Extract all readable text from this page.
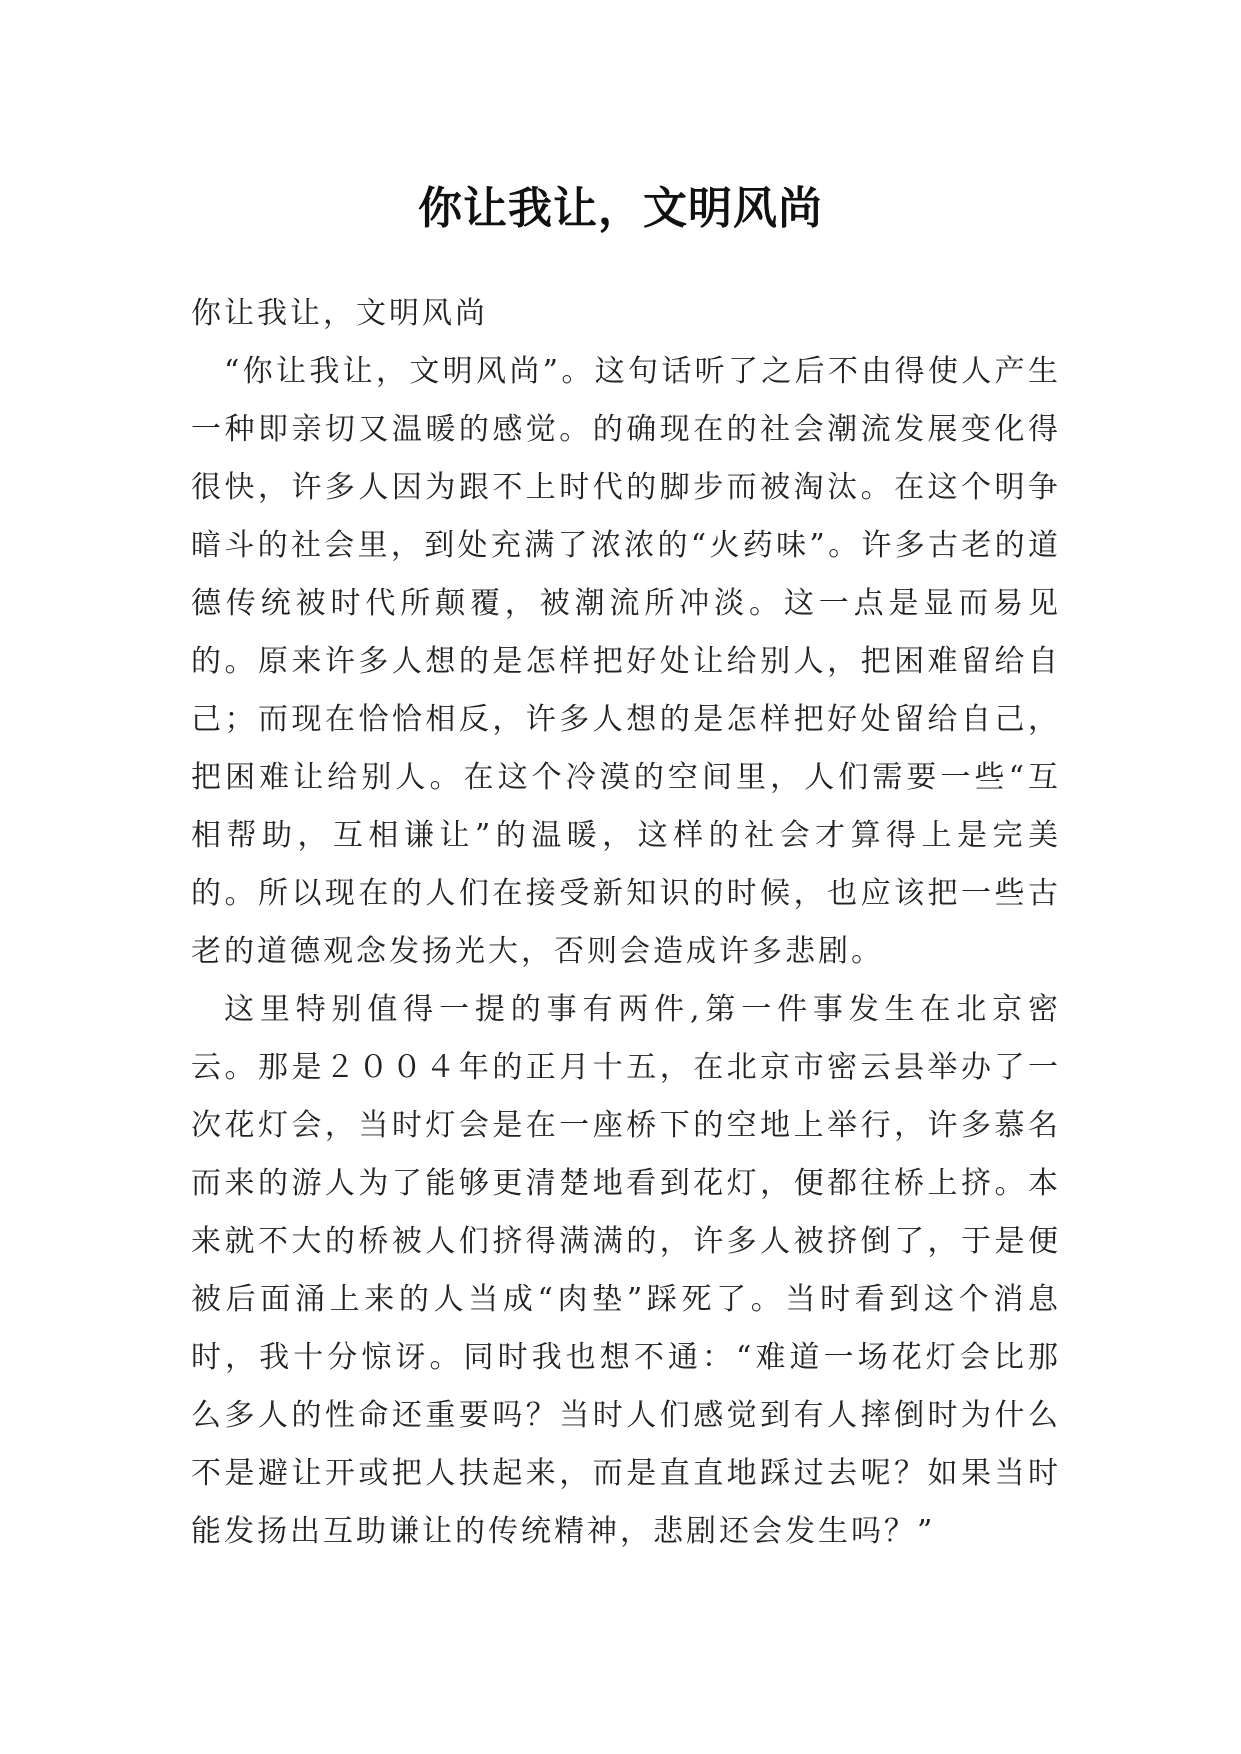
你让我让，文明风尚

你让我让，文明风尚

“你让我让，文明风尚”。这句话听了之后不由得使人产生一种即亲切又温暖的感觉。的确现在的社会潮流发展变化得很快，许多人因为跟不上时代的脚步而被淘汰。在这个明争暗斗的社会里，到处充满了浓浓的“火药味”。许多古老的道德传统被时代所颠覆，被潮流所冲淡。这一点是显而易见的。原来许多人想的是怎样把好处让给别人，把困难留给自己；而现在恰恰相反，许多人想的是怎样把好处留给自己，把困难让给别人。在这个冷漠的空间里，人们需要一些“互相帮助，互相谦让”的温暖，这样的社会才算得上是完美的。所以现在的人们在接受新知识的时候，也应该把一些古老的道德观念发扬光大，否则会造成许多悲剧。

这里特别值得一提的事有两件,第一件事发生在北京密云。那是２００４年的正月十五，在北京市密云县举办了一次花灯会，当时灯会是在一座桥下的空地上举行，许多慕名而来的游人为了能够更清楚地看到花灯，便都往桥上挤。本来就不大的桥被人们挤得满满的，许多人被挤倒了，于是便被后面涌上来的人当成“肉垫”踩死了。当时看到这个消息时，我十分惊讶。同时我也想不通：“难道一场花灯会比那么多人的性命还重要吗？当时人们感觉到有人摔倒时为什么不是避让开或把人扶起来，而是直直地踩过去呢？如果当时能发扬出互助谦让的传统精神，悲剧还会发生吗？”
